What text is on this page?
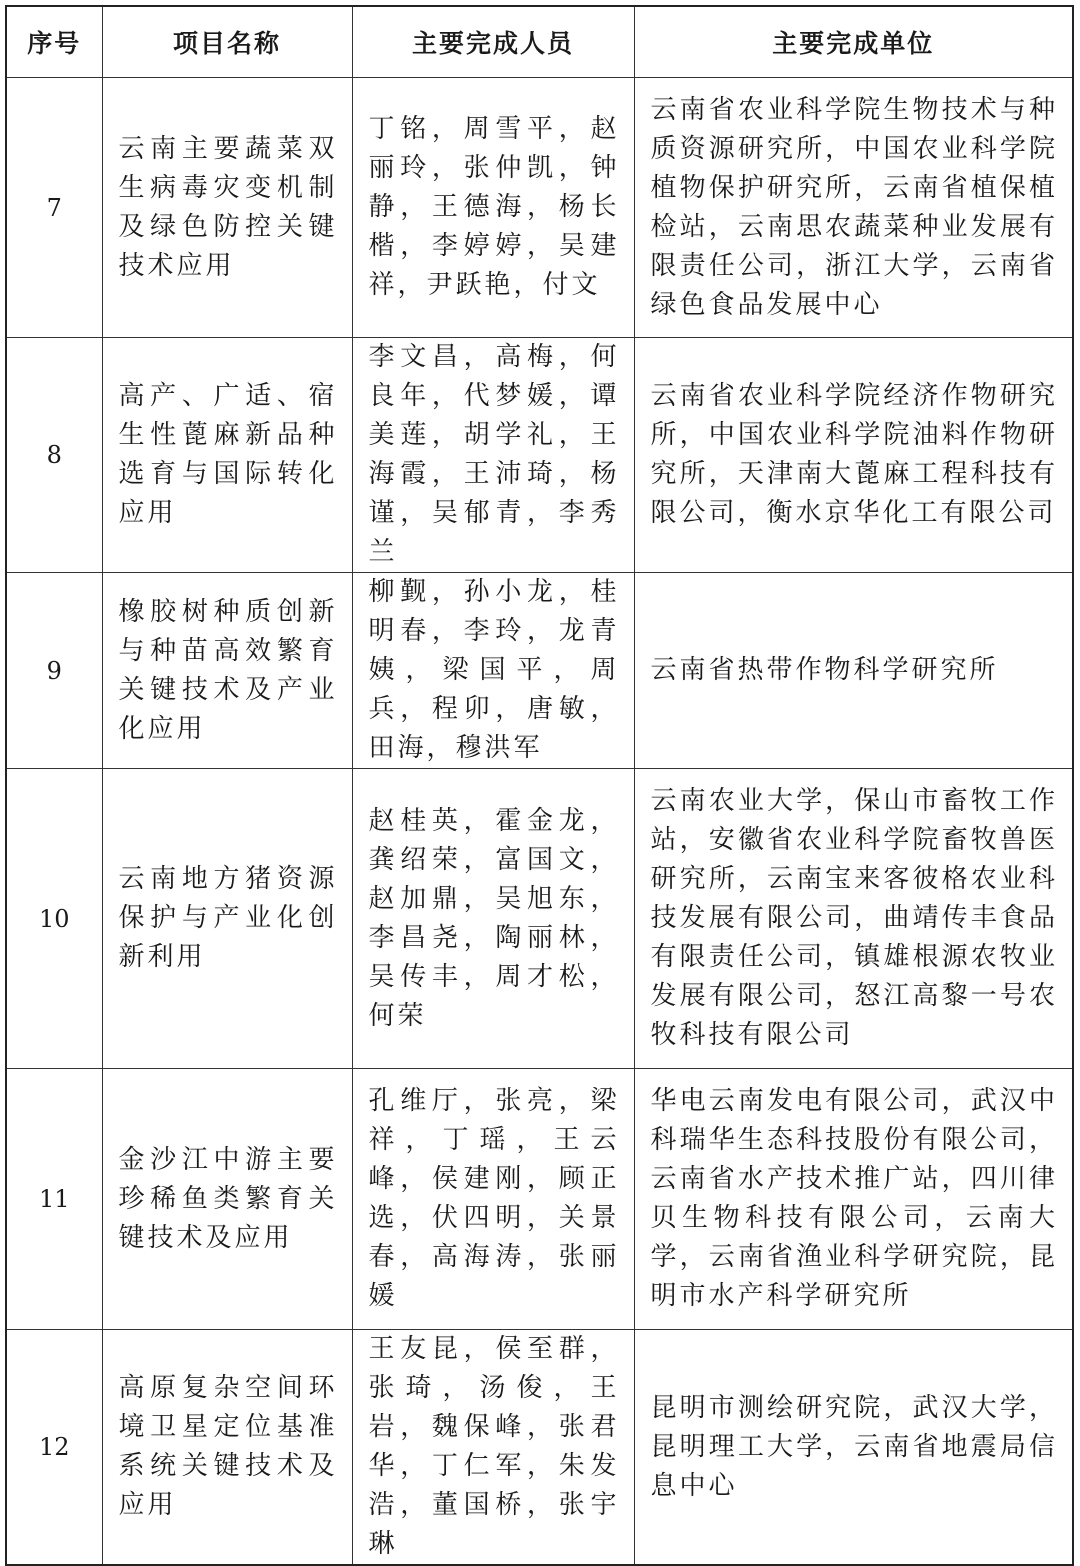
序号	项目名称	主要完成人员	主要完成单位
7	云南主要蔬菜双生病毒灾变机制及绿色防控关键技术应用	丁铭，周雪平，赵丽玲，张仲凯，钟静，王德海，杨长楷，李婷婷，吴建祥，尹跃艳，付文	云南省农业科学院生物技术与种质资源研究所，中国农业科学院植物保护研究所，云南省植保植检站，云南思农蔬菜种业发展有限责任公司，浙江大学，云南省绿色食品发展中心
8	高产、广适、宿生性蓖麻新品种选育与国际转化应用	李文昌，高梅，何良年，代梦媛，谭美莲，胡学礼，王海霞，王沛琦，杨谨，吴郁青，李秀兰	云南省农业科学院经济作物研究所，中国农业科学院油料作物研究所，天津南大蓖麻工程科技有限公司，衡水京华化工有限公司
9	橡胶树种质创新与种苗高效繁育关键技术及产业化应用	柳觐，孙小龙，桂明春，李玲，龙青姨，梁国平，周兵，程卯，唐敏，田海，穆洪军	云南省热带作物科学研究所
10	云南地方猪资源保护与产业化创新利用	赵桂英，霍金龙，龚绍荣，富国文，赵加鼎，吴旭东，李昌尧，陶丽林，吴传丰，周才松，何荣	云南农业大学，保山市畜牧工作站，安徽省农业科学院畜牧兽医研究所，云南宝来客彼格农业科技发展有限公司，曲靖传丰食品有限责任公司，镇雄根源农牧业发展有限公司，怒江高黎一号农牧科技有限公司
11	金沙江中游主要珍稀鱼类繁育关键技术及应用	孔维厅，张亮，梁祥，丁瑶，王云峰，侯建刚，顾正选，伏四明，关景春，高海涛，张丽媛	华电云南发电有限公司，武汉中科瑞华生态科技股份有限公司，云南省水产技术推广站，四川律贝生物科技有限公司，云南大学，云南省渔业科学研究院，昆明市水产科学研究所
12	高原复杂空间环境卫星定位基准系统关键技术及应用	王友昆，侯至群，张琦，汤俊，王岩，魏保峰，张君华，丁仁军，朱发浩，董国桥，张宇琳	昆明市测绘研究院，武汉大学，昆明理工大学，云南省地震局信息中心
